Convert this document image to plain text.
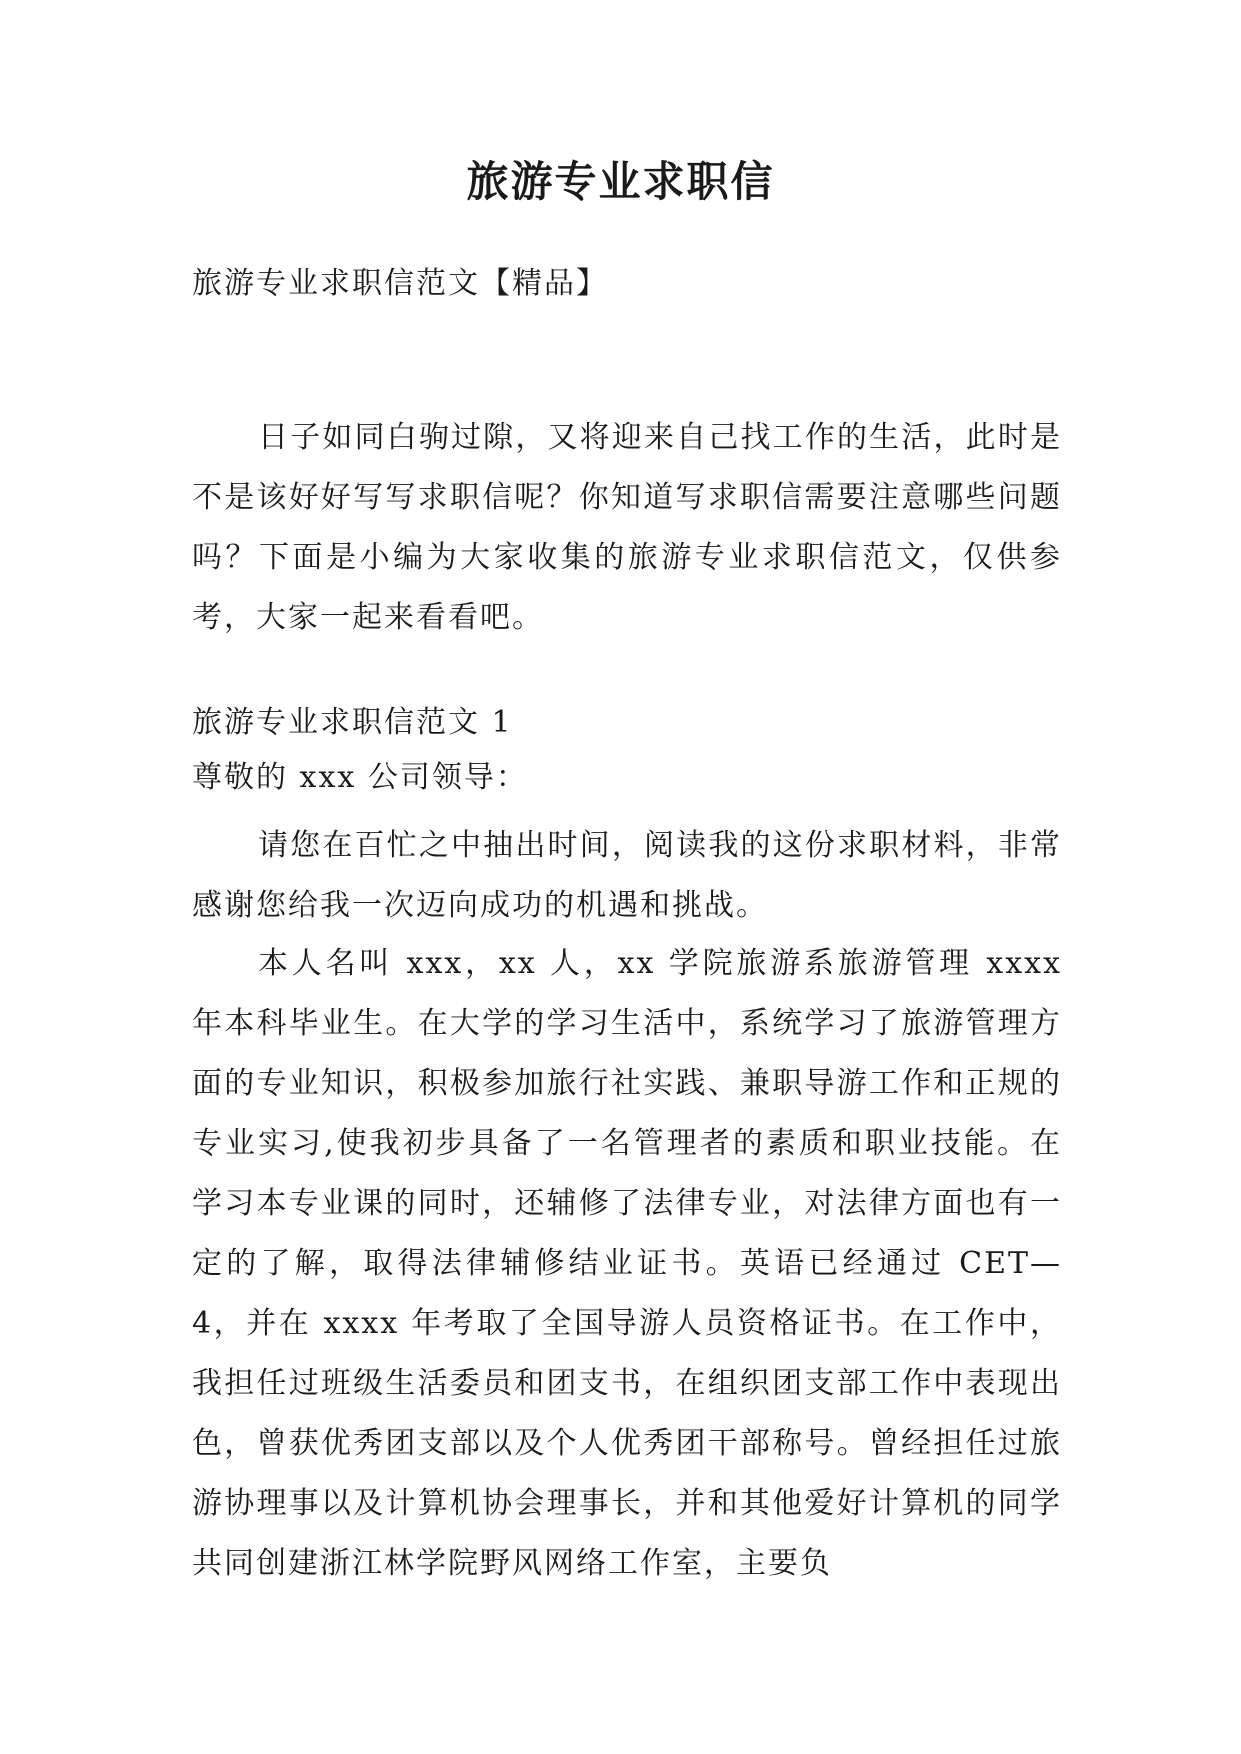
旅游专业求职信

旅游专业求职信范文【精品】

日子如同白驹过隙，又将迎来自己找工作的生活，此时是不是该好好写写求职信呢？你知道写求职信需要注意哪些问题吗？下面是小编为大家收集的旅游专业求职信范文，仅供参考，大家一起来看看吧。

旅游专业求职信范文 1

尊敬的 xxx 公司领导：

请您在百忙之中抽出时间，阅读我的这份求职材料，非常感谢您给我一次迈向成功的机遇和挑战。

本人名叫 xxx，xx 人，xx 学院旅游系旅游管理 xxxx 年本科毕业生。在大学的学习生活中，系统学习了旅游管理方面的专业知识，积极参加旅行社实践、兼职导游工作和正规的专业实习,使我初步具备了一名管理者的素质和职业技能。在学习本专业课的同时，还辅修了法律专业，对法律方面也有一定的了解，取得法律辅修结业证书。英语已经通过 CET—4，并在 xxxx 年考取了全国导游人员资格证书。在工作中，我担任过班级生活委员和团支书，在组织团支部工作中表现出色，曾获优秀团支部以及个人优秀团干部称号。曾经担任过旅游协理事以及计算机协会理事长，并和其他爱好计算机的同学共同创建浙江林学院野风网络工作室，主要负
